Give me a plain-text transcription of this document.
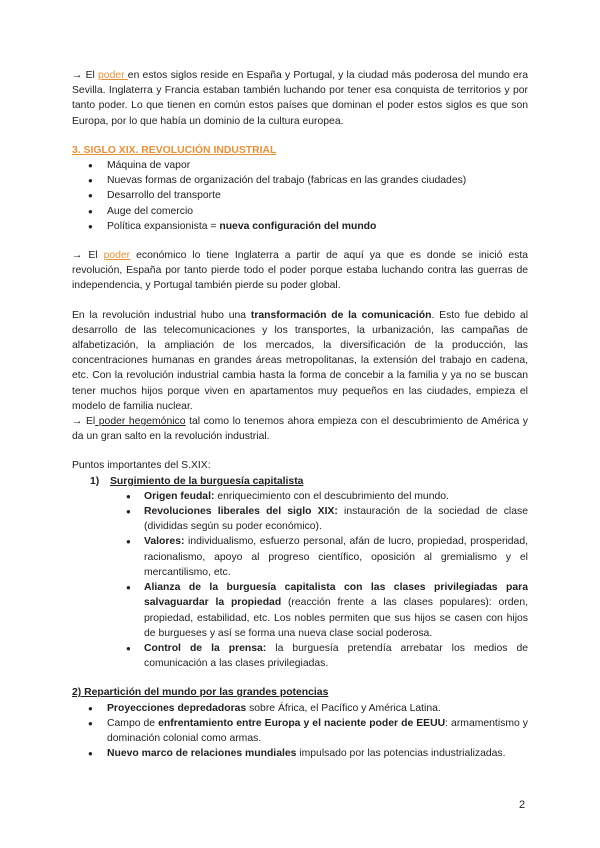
→ El poder en estos siglos reside en España y Portugal, y la ciudad más poderosa del mundo era Sevilla. Inglaterra y Francia estaban también luchando por tener esa conquista de territorios y por tanto poder. Lo que tienen en común estos países que dominan el poder estos siglos es que son Europa, por lo que había un dominio de la cultura europea.

3. SIGLO XIX. REVOLUCIÓN INDUSTRIAL

● Máquina de vapor
● Nuevas formas de organización del trabajo (fabricas en las grandes ciudades)
● Desarrollo del transporte
● Auge del comercio
● Política expansionista = nueva configuración del mundo

→ El poder económico lo tiene Inglaterra a partir de aquí ya que es donde se inició esta revolución, España por tanto pierde todo el poder porque estaba luchando contra las guerras de independencia, y Portugal también pierde su poder global.

En la revolución industrial hubo una transformación de la comunicación. Esto fue debido al desarrollo de las telecomunicaciones y los transportes, la urbanización, las campañas de alfabetización, la ampliación de los mercados, la diversificación de la producción, las concentraciones humanas en grandes áreas metropolitanas, la extensión del trabajo en cadena, etc. Con la revolución industrial cambia hasta la forma de concebir a la familia y ya no se buscan tener muchos hijos porque viven en apartamentos muy pequeños en las ciudades, empieza el modelo de familia nuclear.

→ El poder hegemónico tal como lo tenemos ahora empieza con el descubrimiento de América y da un gran salto en la revolución industrial.

Puntos importantes del S.XIX:

1) Surgimiento de la burguesía capitalista

● Origen feudal: enriquecimiento con el descubrimiento del mundo.
● Revoluciones liberales del siglo XIX: instauración de la sociedad de clase (divididas según su poder económico).
● Valores: individualismo, esfuerzo personal, afán de lucro, propiedad, prosperidad, racionalismo, apoyo al progreso científico, oposición al gremialismo y el mercantilismo, etc.
● Alianza de la burguesía capitalista con las clases privilegiadas para salvaguardar la propiedad (reacción frente a las clases populares): orden, propiedad, estabilidad, etc. Los nobles permiten que sus hijos se casen con hijos de burgueses y así se forma una nueva clase social poderosa.
● Control de la prensa: la burguesía pretendía arrebatar los medios de comunicación a las clases privilegiadas.

2) Repartición del mundo por las grandes potencias

● Proyecciones depredadoras sobre África, el Pacífico y América Latina.
● Campo de enfrentamiento entre Europa y el naciente poder de EEUU: armamentismo y dominación colonial como armas.
● Nuevo marco de relaciones mundiales impulsado por las potencias industrializadas.
2
